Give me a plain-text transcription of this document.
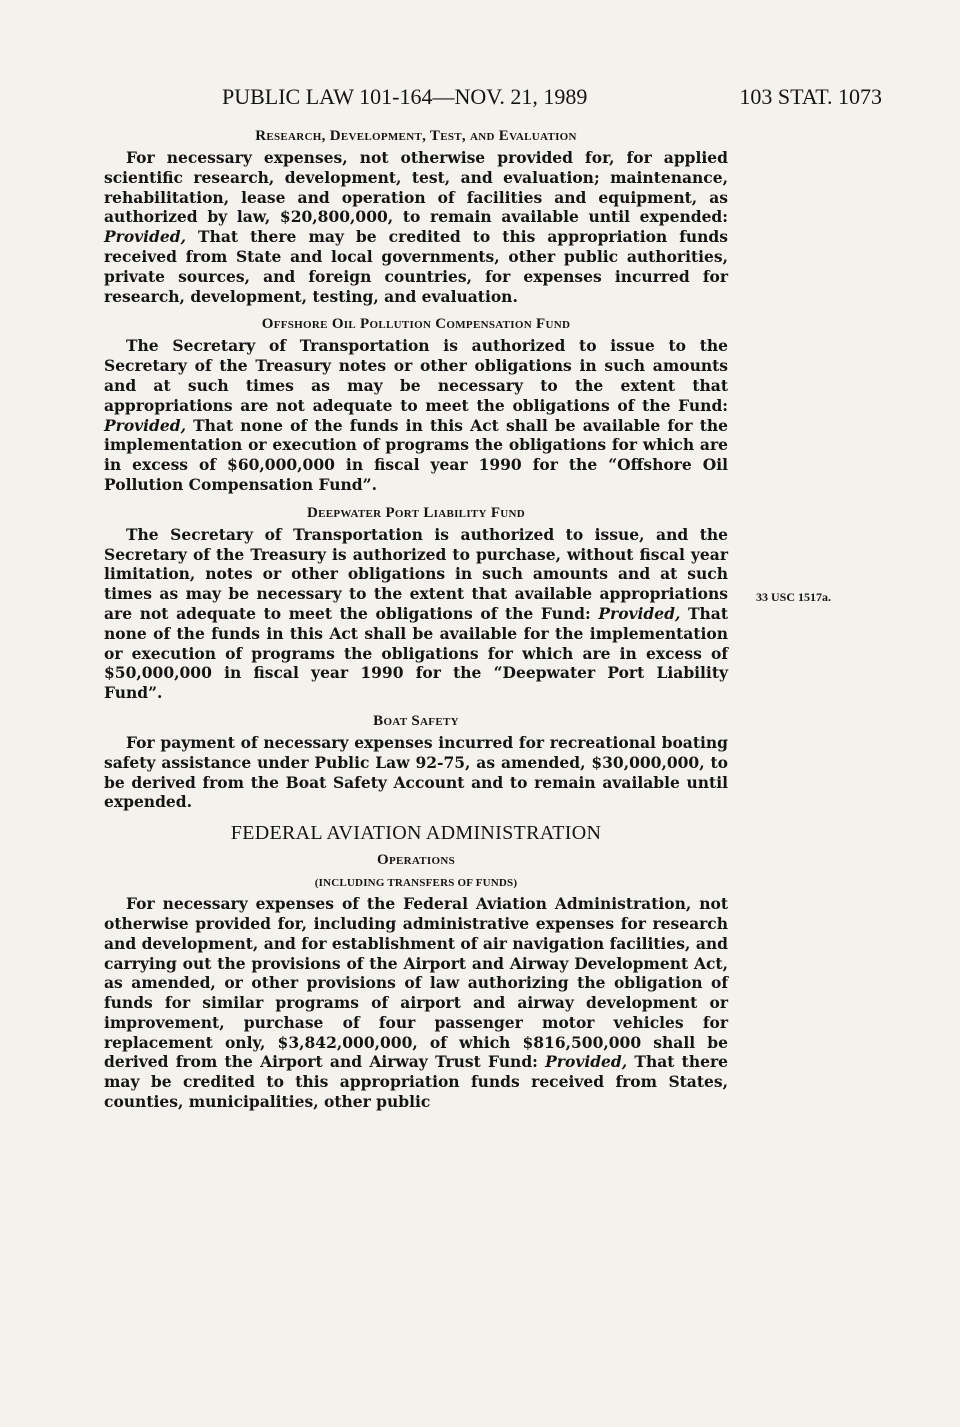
PUBLIC LAW 101-164—NOV. 21, 1989	103 STAT. 1073
33 USC 1517a.
Research, Development, Test, and Evaluation

For necessary expenses, not otherwise provided for, for applied scientific research, development, test, and evaluation; maintenance, rehabilitation, lease and operation of facilities and equipment, as authorized by law, $20,800,000, to remain available until expended: Provided, That there may be credited to this appropriation funds received from State and local governments, other public authorities, private sources, and foreign countries, for expenses incurred for research, development, testing, and evaluation.

Offshore Oil Pollution Compensation Fund

The Secretary of Transportation is authorized to issue to the Secretary of the Treasury notes or other obligations in such amounts and at such times as may be necessary to the extent that appropriations are not adequate to meet the obligations of the Fund: Provided, That none of the funds in this Act shall be available for the implementation or execution of programs the obligations for which are in excess of $60,000,000 in fiscal year 1990 for the “Offshore Oil Pollution Compensation Fund”.

Deepwater Port Liability Fund

The Secretary of Transportation is authorized to issue, and the Secretary of the Treasury is authorized to purchase, without fiscal year limitation, notes or other obligations in such amounts and at such times as may be necessary to the extent that available appropriations are not adequate to meet the obligations of the Fund: Provided, That none of the funds in this Act shall be available for the implementation or execution of programs the obligations for which are in excess of $50,000,000 in fiscal year 1990 for the “Deepwater Port Liability Fund”.

Boat Safety

For payment of necessary expenses incurred for recreational boating safety assistance under Public Law 92-75, as amended, $30,000,000, to be derived from the Boat Safety Account and to remain available until expended.

FEDERAL AVIATION ADMINISTRATION
Operations
(INCLUDING TRANSFERS OF FUNDS)

For necessary expenses of the Federal Aviation Administration, not otherwise provided for, including administrative expenses for research and development, and for establishment of air navigation facilities, and carrying out the provisions of the Airport and Airway Development Act, as amended, or other provisions of law authorizing the obligation of funds for similar programs of airport and airway development or improvement, purchase of four passenger motor vehicles for replacement only, $3,842,000,000, of which $816,500,000 shall be derived from the Airport and Airway Trust Fund: Provided, That there may be credited to this appropriation funds received from States, counties, municipalities, other public
